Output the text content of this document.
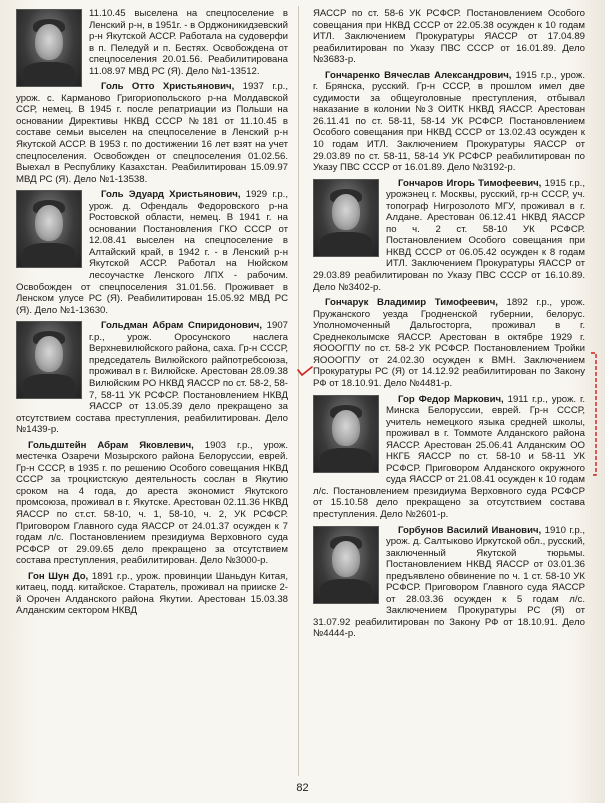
11.10.45 выселена на спецпоселение в Ленский р-н, в 1951г. - в Орджоникидзевский р-н Якутской АССР. Работала на судоверфи в п. Пеледуй и п. Бестях. Освобождена от спецпоселения 20.01.56. Реабилитирована 11.08.97 МВД РС (Я). Дело №1-13512.

Голь Отто Христьянович, 1937 г.р., урож. с. Карманово Григориопольского р-на Молдавской ССР, немец. В 1945 г. после репатриации из Польши на основании Директивы НКВД СССР №181 от 11.10.45 в составе семьи выселен на спецпоселение в Ленский р-н Якутской АССР. В 1953 г. по достижении 16 лет взят на учет спецпоселения. Освобожден от спецпоселения 01.02.56. Выехал в Республику Казахстан. Реабилитирован 15.09.97 МВД РС (Я). Дело №1-13538.

Голь Эдуард Христьянович, 1929 г.р., урож. д. Офендаль Федоровского р-на Ростовской области, немец. В 1941 г. на основании Постановления ГКО СССР от 12.08.41 выселен на спецпоселение в Алтайский край, в 1942 г. - в Ленский р-н Якутской АССР. Работал на Нюйском лесоучастке Ленского ЛПХ - рабочим. Освобожден от спецпоселения 31.01.56. Проживает в Ленском улусе РС (Я). Реабилитирован 15.05.92 МВД РС (Я). Дело №1-13630.

Гольдман Абрам Спиридонович, 1907 г.р., урож. Оросунского наслега Верхневилюйского района, саха. Гр-н СССР, председатель Вилюйского райпотребсоюза, проживал в г. Вилюйске. Арестован 28.09.38 Вилюйским РО НКВД ЯАССР по ст. 58-2, 58-7, 58-11 УК РСФСР. Постановлением НКВД ЯАССР от 13.05.39 дело прекращено за отсутствием состава преступления, реабилитирован. Дело №1439-р.

Гольдштейн Абрам Яковлевич, 1903 г.р., урож. местечка Озаречи Мозырского района Белоруссии, еврей. Гр-н СССР, в 1935 г. по решению Особого совещания НКВД СССР за троцкистскую деятельность сослан в Якутию сроком на 4 года, до ареста экономист Якутского промсоюза, проживал в г. Якутске. Арестован 02.11.36 НКВД ЯАССР по ст.ст. 58-10, ч. 1, 58-10, ч. 2, УК РСФСР. Приговором Главного суда ЯАССР от 24.01.37 осужден к 7 годам л/с. Постановлением президиума Верховного суда РСФСР от 29.09.65 дело прекращено за отсутствием состава преступления, реабилитирован. Дело №3000-р.

Гон Шун До, 1891 г.р., урож. провинции Шаньдун Китая, китаец, подд. китайское. Старатель, проживал на прииске 2-й Орочен Алданского района Якутии. Арестован 15.03.38 Алданским сектором НКВД

ЯАССР по ст. 58-6 УК РСФСР. Постановлением Особого совещания при НКВД СССР от 22.05.38 осужден к 10 годам ИТЛ. Заключением Прокуратуры ЯАССР от 17.04.89 реабилитирован по Указу ПВС СССР от 16.01.89. Дело №3683-р.

Гончаренко Вячеслав Александрович, 1915 г.р., урож. г. Брянска, русский. Гр-н СССР, в прошлом имел две судимости за общеуголовные преступления, отбывал наказание в колонии №3 ОИТК НКВД ЯАССР. Арестован 26.11.41 по ст. 58-11, 58-14 УК РСФСР. Постановлением Особого совещания при НКВД СССР от 13.02.43 осужден к 10 годам ИТЛ. Заключением Прокуратуры ЯАССР от 29.03.89 по ст. 58-11, 58-14 УК РСФСР реабилитирован по Указу ПВС СССР от 16.01.89. Дело №3192-р.

Гончаров Игорь Тимофеевич, 1915 г.р., урожэнец г. Москвы, русский, гр-н СССР, уч. топограф Нигрозолото МГУ, проживал в г. Алдане. Арестован 06.12.41 НКВД ЯАССР по ч. 2 ст. 58-10 УК РСФСР. Постановлением Особого совещания при НКВД СССР от 06.05.42 осужден к 8 годам ИТЛ. Заключением Прокуратуры ЯАССР от 29.03.89 реабилитирован по Указу ПВС СССР от 16.10.89. Дело №3402-р.

Гончарук Владимир Тимофеевич, 1892 г.р., урож. Пружанского уезда Гродненской губернии, белорус. Уполномоченный Дальгосторга, проживал в г. Среднеколымске ЯАССР. Арестован в октябре 1929 г. ЯОООГПУ по ст. 58-2 УК РСФСР. Постановлением Тройки ЯОООГПУ от 24.02.30 осужден к ВМН. Заключением Прокуратуры РС (Я) от 14.12.92 реабилитирован по Закону РФ от 18.10.91. Дело №4481-р.

Гор Федор Маркович, 1911 г.р., урож. г. Минска Белоруссии, еврей. Гр-н СССР, учитель немецкого языка средней школы, проживал в г. Томмоте Алданского района ЯАССР. Арестован 25.06.41 Алданским ОО НКГБ ЯАССР по ст. 58-10 и 58-11 УК РСФСР. Приговором Алданского окружного суда ЯАССР от 21.08.41 осужден к 10 годам л/с. Постановлением президиума Верховного суда РСФСР от 15.10.58 дело прекращено за отсутствием состава преступления. Дело №2601-р.

Горбунов Василий Иванович, 1910 г.р., урож. д. Салтыково Иркутской обл., русский, заключенный Якутской тюрьмы. Постановлением НКВД ЯАССР от 03.01.36 предъявлено обвинение по ч. 1 ст. 58-10 УК РСФСР. Приговором Главного суда ЯАССР от 28.03.36 осужден к 5 годам л/с. Заключением Прокуратуры РС (Я) от 31.07.92 реабилитирован по Закону РФ от 18.10.91. Дело №4444-р.

82
